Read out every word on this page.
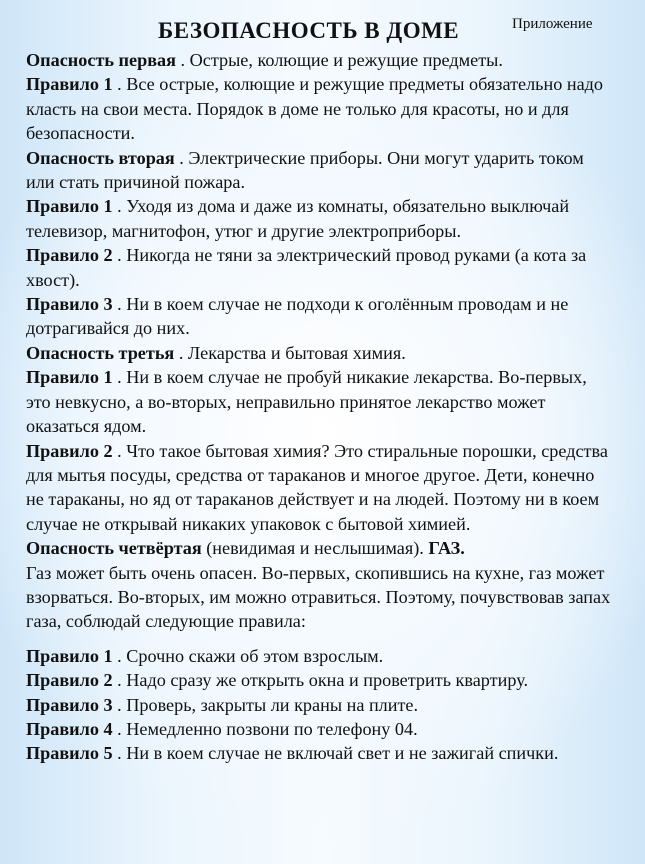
БЕЗОПАСНОСТЬ В ДОМЕ	Приложение

Опасность первая . Острые, колющие и режущие предметы.

Правило 1 . Все острые, колющие и режущие предметы обязательно надо класть на свои места. Порядок в доме не только для красоты, но и для безопасности.

Опасность вторая . Электрические приборы. Они могут ударить током или стать причиной пожара.

Правило 1 . Уходя из дома и даже из комнаты, обязательно выключай телевизор, магнитофон, утюг и другие электроприборы.

Правило 2 . Никогда не тяни за электрический провод руками (а кота за хвост).

Правило 3 . Ни в коем случае не подходи к оголённым проводам и не дотрагивайся до них.

Опасность третья . Лекарства и бытовая химия.

Правило 1 . Ни в коем случае не пробуй никакие лекарства. Во-первых, это невкусно, а во-вторых, неправильно принятое лекарство может оказаться ядом.

Правило 2 . Что такое бытовая химия? Это стиральные порошки, средства для мытья посуды, средства от тараканов и многое другое. Дети, конечно не тараканы, но яд от тараканов действует и на людей. Поэтому ни в коем случае не открывай никаких упаковок с бытовой химией.

Опасность четвёртая (невидимая и неслышимая). ГАЗ.

Газ может быть очень опасен. Во-первых, скопившись на кухне, газ может взорваться. Во-вторых, им можно отравиться. Поэтому, почувствовав запах газа, соблюдай следующие правила:

Правило 1 . Срочно скажи об этом взрослым.

Правило 2 . Надо сразу же открыть окна и проветрить квартиру.

Правило 3 . Проверь, закрыты ли краны на плите.

Правило 4 . Немедленно позвони по телефону 04.

Правило 5 . Ни в коем случае не включай свет и не зажигай спички.
